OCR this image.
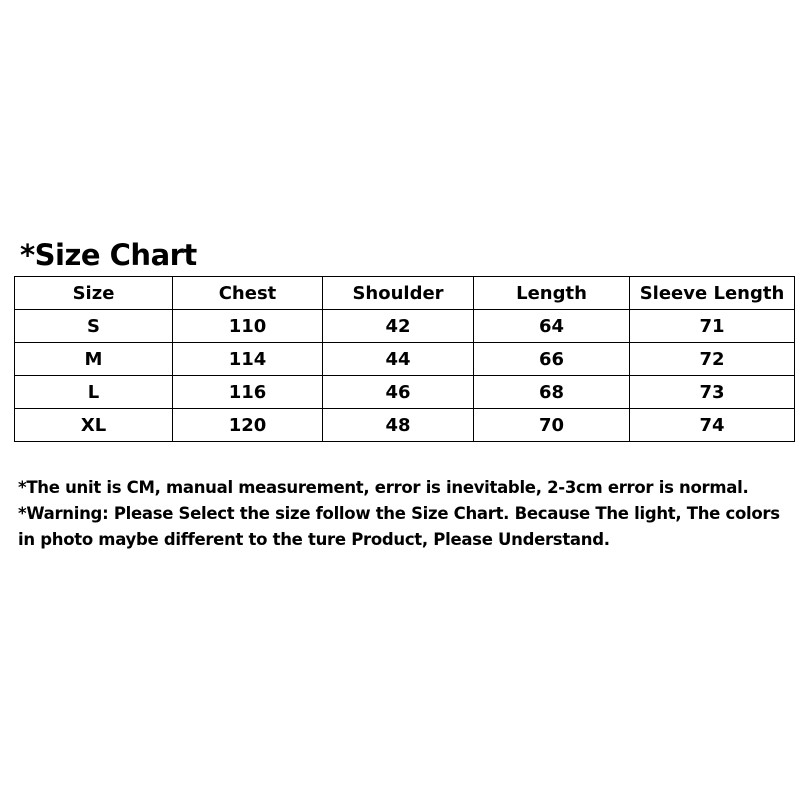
*Size Chart
Size	Chest	Shoulder	Length	Sleeve Length
S	110	42	64	71
M	114	44	66	72
L	116	46	68	73
XL	120	48	70	74

*The unit is CM, manual measurement, error is inevitable, 2-3cm error is normal.

*Warning: Please Select the size follow the Size Chart. Because The light, The colors in photo maybe different to the ture Product, Please Understand.
